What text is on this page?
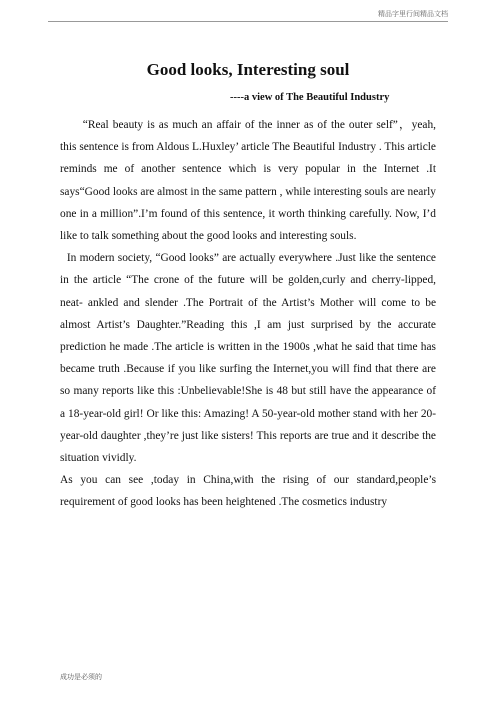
精品字里行间精品文档
Good looks, Interesting soul
----a view of The Beautiful Industry

“Real beauty is as much an affair of the inner as of the outer self”，yeah, this sentence is from Aldous L.Huxley’ article The Beautiful Industry . This article reminds me of another sentence which is very popular in the Internet .It says“Good looks are almost in the same pattern , while interesting souls are nearly one in a million”.I’m found of this sentence, it worth thinking carefully. Now, I’d like to talk something about the good looks and interesting souls.

In modern society, “Good looks” are actually everywhere .Just like the sentence in the article “The crone of the future will be golden,curly and cherry-lipped, neat- ankled and slender .The Portrait of the Artist’s Mother will come to be almost Artist’s Daughter.”Reading this ,I am just surprised by the accurate prediction he made .The article is written in the 1900s ,what he said that time has became truth .Because if you like surfing the Internet,you will find that there are so many reports like this :Unbelievable!She is 48 but still have the appearance of a 18-year-old girl! Or like this: Amazing! A 50-year-old mother stand with her 20-year-old daughter ,they’re just like sisters! This reports are true and it describe the situation vividly.

As you can see ,today in China,with the rising of our standard,people’s requirement of good looks has been heightened .The cosmetics industry

成功是必须的
